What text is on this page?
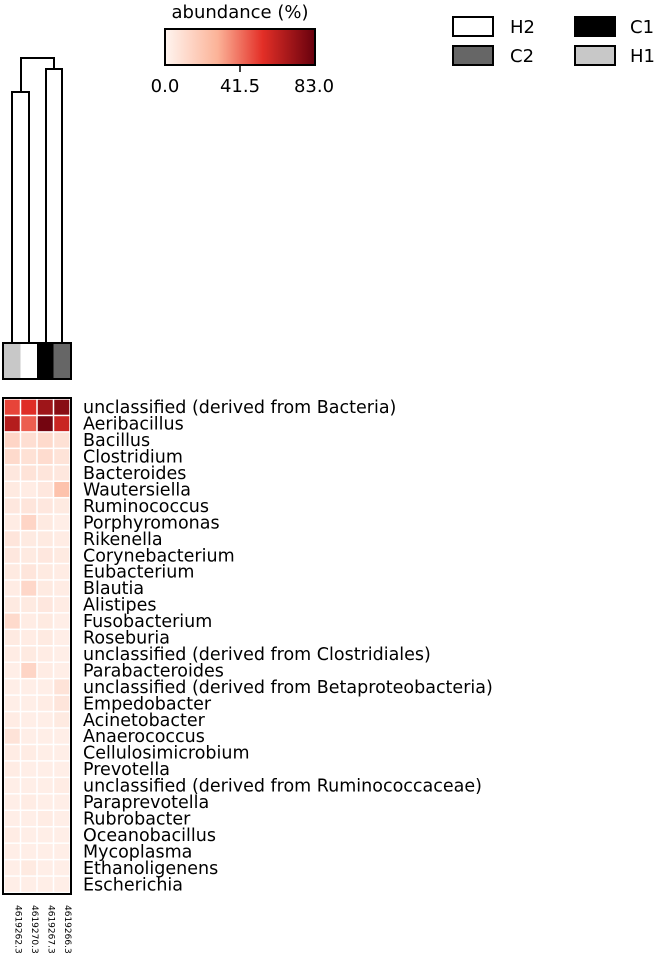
abundance (%)
0.0 41.5 83.0
H2	C1
C2	H1
unclassified (derived from Bacteria)
Aeribacillus
Bacillus
Clostridium
Bacteroides
Wautersiella
Ruminococcus
Porphyromonas
Rikenella
Corynebacterium
Eubacterium
Blautia
Alistipes
Fusobacterium
Roseburia
unclassified (derived from Clostridiales)
Parabacteroides
unclassified (derived from Betaproteobacteria)
Empedobacter
Acinetobacter
Anaerococcus
Cellulosimicrobium
Prevotella
unclassified (derived from Ruminococcaceae)
Paraprevotella
Rubrobacter
Oceanobacillus
Mycoplasma
Ethanoligenens
Escherichia
4619262.3 4619270.3 4619267.3 4619266.3
